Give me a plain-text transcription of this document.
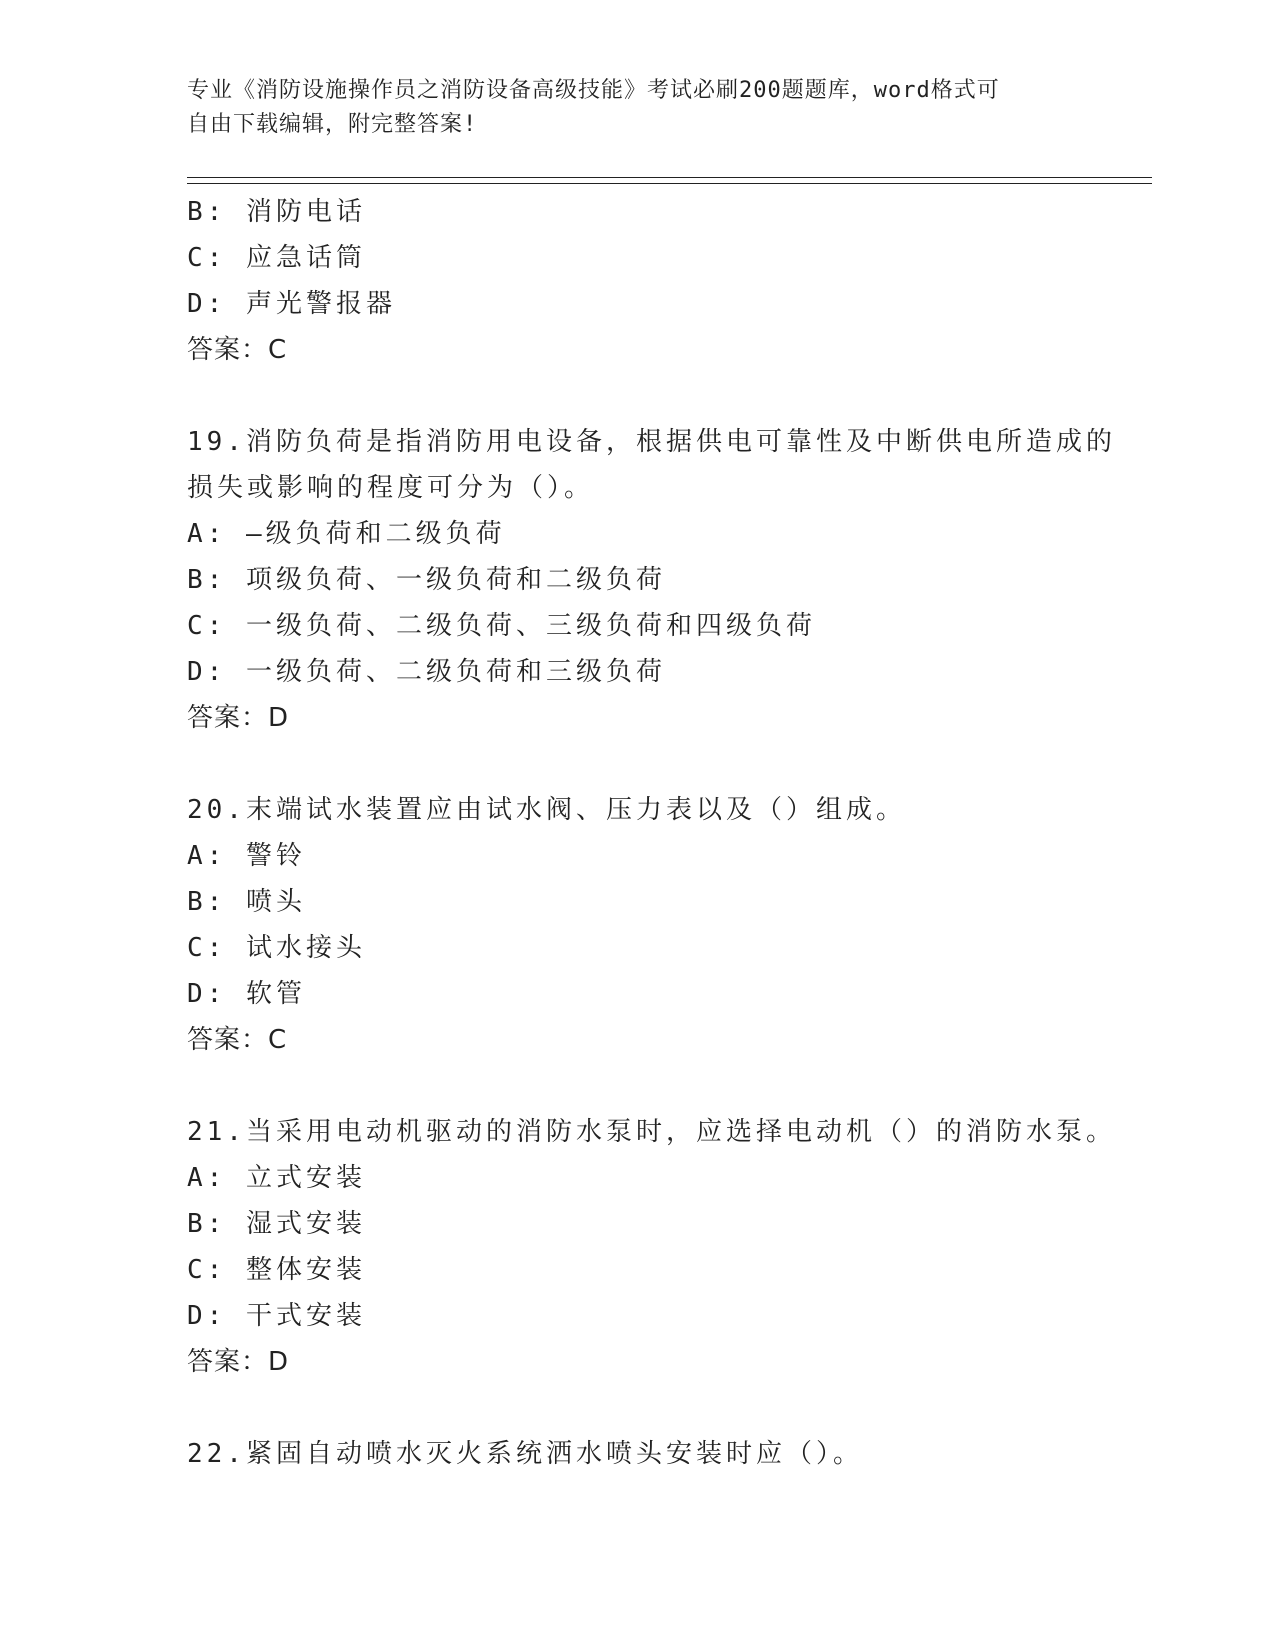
专业《消防设施操作员之消防设备高级技能》考试必刷200题题库，word格式可
自由下载编辑，附完整答案!
B: 消防电话
C: 应急话筒
D: 声光警报器
答案：C
19.消防负荷是指消防用电设备，根据供电可靠性及中断供电所造成的
损失或影响的程度可分为（）。
A: —级负荷和二级负荷
B: 项级负荷、一级负荷和二级负荷
C: 一级负荷、二级负荷、三级负荷和四级负荷
D: 一级负荷、二级负荷和三级负荷
答案：D
20.末端试水装置应由试水阀、压力表以及（）组成。
A: 警铃
B: 喷头
C: 试水接头
D: 软管
答案：C
21.当采用电动机驱动的消防水泵时，应选择电动机（）的消防水泵。
A: 立式安装
B: 湿式安装
C: 整体安装
D: 干式安装
答案：D
22.紧固自动喷水灭火系统洒水喷头安装时应（）。
